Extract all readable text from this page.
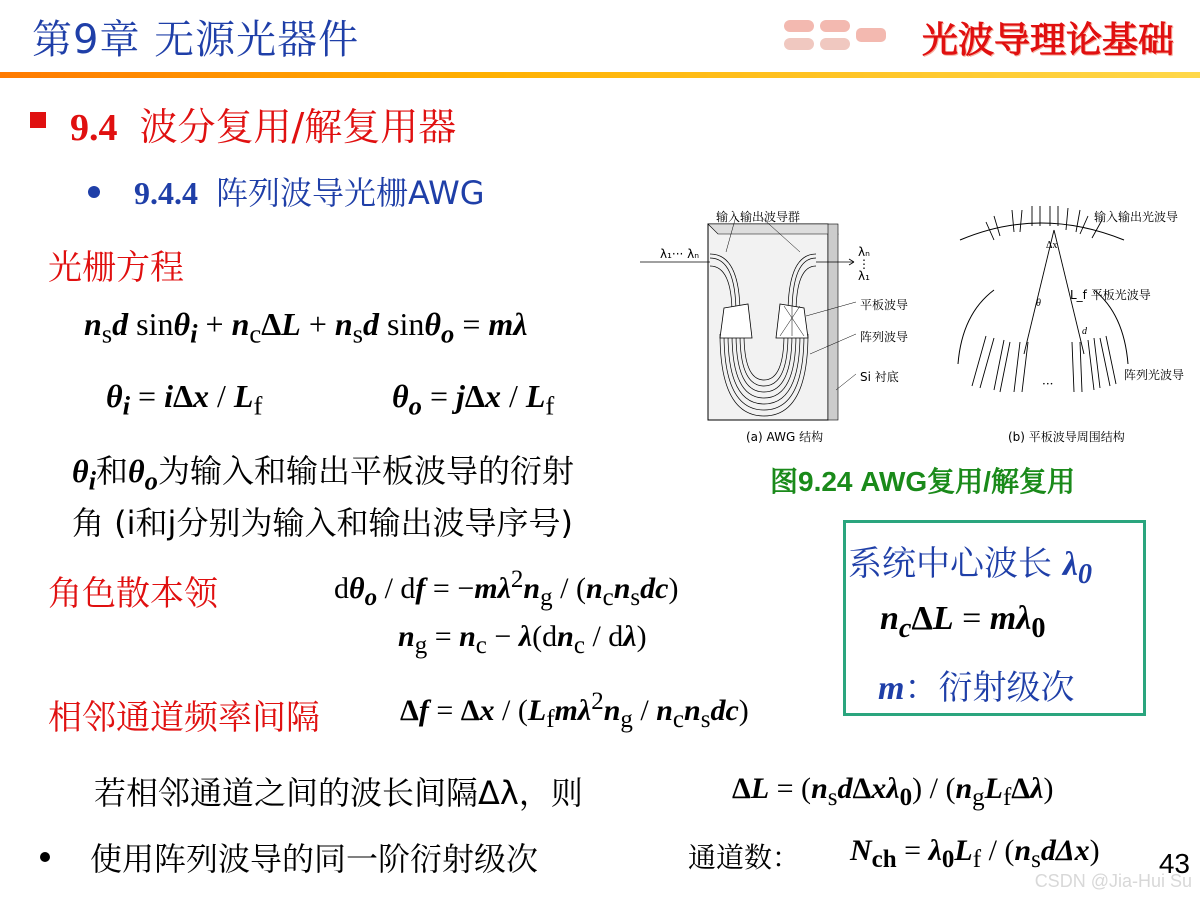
第9章 无源光器件	光波导理论基础
9.4 波分复用/解复用器
9.4.4 阵列波导光栅AWG
光栅方程
$n_sd$ $\sin\theta_i + n_c\Delta L + n_sd$ sinθ$_o$ = mλ
$\theta_i = i\Delta x / L_f$	$\theta_o = j\Delta x / L_f$
$\theta_i$和$\theta_o$为输入和输出平板波导的衍射
角 (i和j分别为输入和输出波导序号)
角色散本领	$d\theta_o$ / df = $-m\lambda^2n_g / (n_cn_sdc)$
$n_g = n_c - \lambda(dn_c / d\lambda)$
相邻通道频率间隔	$\Delta f = \Delta x / (L_fm\lambda^2n_g / n_cn_sdc)$
若相邻通道之间的波长间隔Δλ，则	$\Delta L = (n_sd\Delta x\lambda_0) / (n_gL_f\Delta\lambda)$
使用阵列波导的同一阶衍射级次	通道数： $N_{ch} = \lambda_0L_f / (n_sd\Delta x)$
λ₁··· λₙ	λₙ
⋮
λ₁
输入输出波导群
平板波导
阵列波导
Si 衬底
(a) AWG 结构
θ
Δx
d
···
输入输出光波导
L_f 平板光波导
阵列光波导
(b) 平板波导周围结构
图9.24 AWG复用/解复用
系统中心波长 $\lambda_0$
$n_c\Delta L = m\lambda_0$
m：衍射级次
43
CSDN @Jia-Hui Su
